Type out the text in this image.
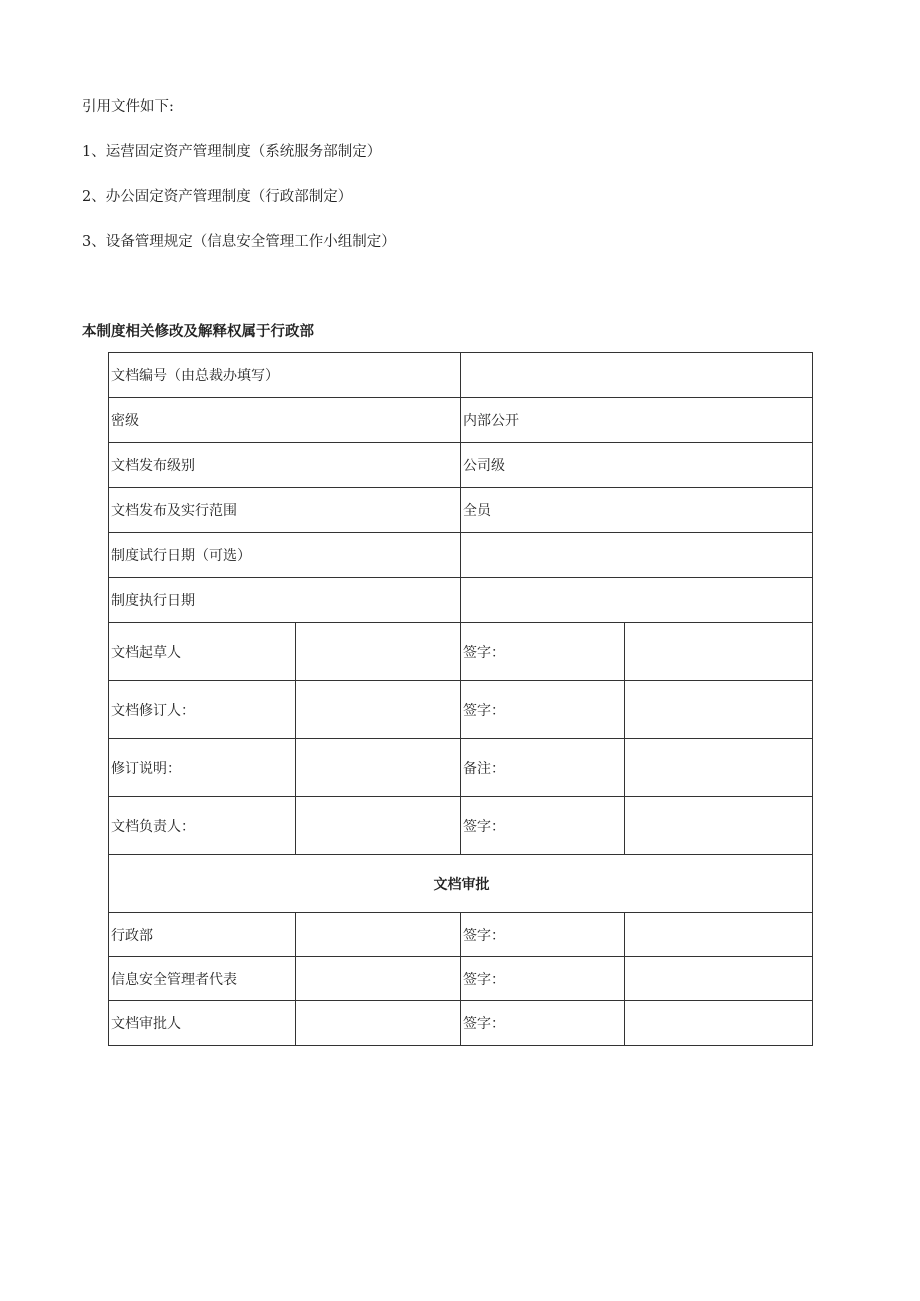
引用文件如下:
1、运营固定资产管理制度（系统服务部制定）
2、办公固定资产管理制度（行政部制定）
3、设备管理规定（信息安全管理工作小组制定）
本制度相关修改及解释权属于行政部
文档编号（由总裁办填写）			
密级		内部公开	
文档发布级别		公司级	
文档发布及实行范围		全员	
制度试行日期（可选）			
制度执行日期			
文档起草人		签字：	
文档修订人：		签字：	
修订说明：		备注：	
文档负责人：		签字：	
文档审批			
行政部		签字：	
信息安全管理者代表		签字：	
文档审批人		签字：	
